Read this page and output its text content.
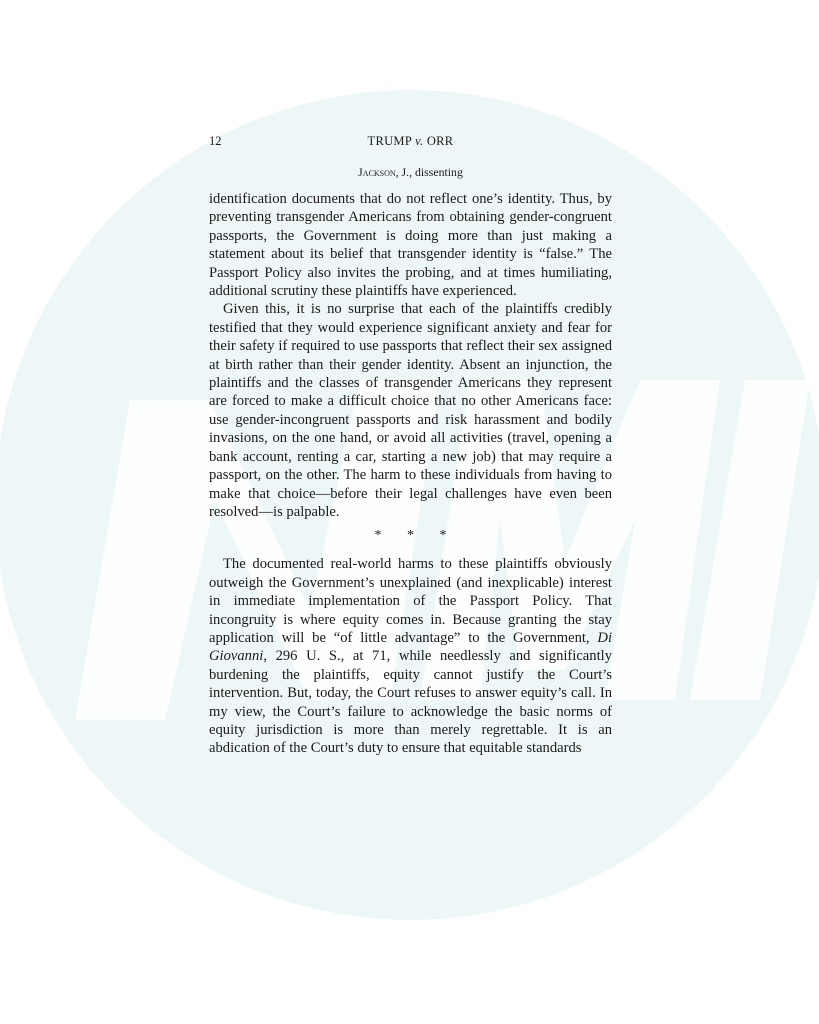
12	TRUMP v. ORR
Jackson, J., dissenting

identification documents that do not reflect one’s identity. Thus, by preventing transgender Americans from obtaining gender-congruent passports, the Government is doing more than just making a statement about its belief that transgender identity is “false.” The Passport Policy also invites the probing, and at times humiliating, additional scrutiny these plaintiffs have experienced.

Given this, it is no surprise that each of the plaintiffs credibly testified that they would experience significant anxiety and fear for their safety if required to use passports that reflect their sex assigned at birth rather than their gender identity. Absent an injunction, the plaintiffs and the classes of transgender Americans they represent are forced to make a difficult choice that no other Americans face: use gender-incongruent passports and risk harassment and bodily invasions, on the one hand, or avoid all activities (travel, opening a bank account, renting a car, starting a new job) that may require a passport, on the other. The harm to these individuals from having to make that choice—before their legal challenges have even been resolved—is palpable.

* * *

The documented real-world harms to these plaintiffs obviously outweigh the Government’s unexplained (and inexplicable) interest in immediate implementation of the Passport Policy. That incongruity is where equity comes in. Because granting the stay application will be “of little advantage” to the Government, Di Giovanni, 296 U. S., at 71, while needlessly and significantly burdening the plaintiffs, equity cannot justify the Court’s intervention. But, today, the Court refuses to answer equity’s call. In my view, the Court’s failure to acknowledge the basic norms of equity jurisdiction is more than merely regrettable. It is an abdication of the Court’s duty to ensure that equitable standards
